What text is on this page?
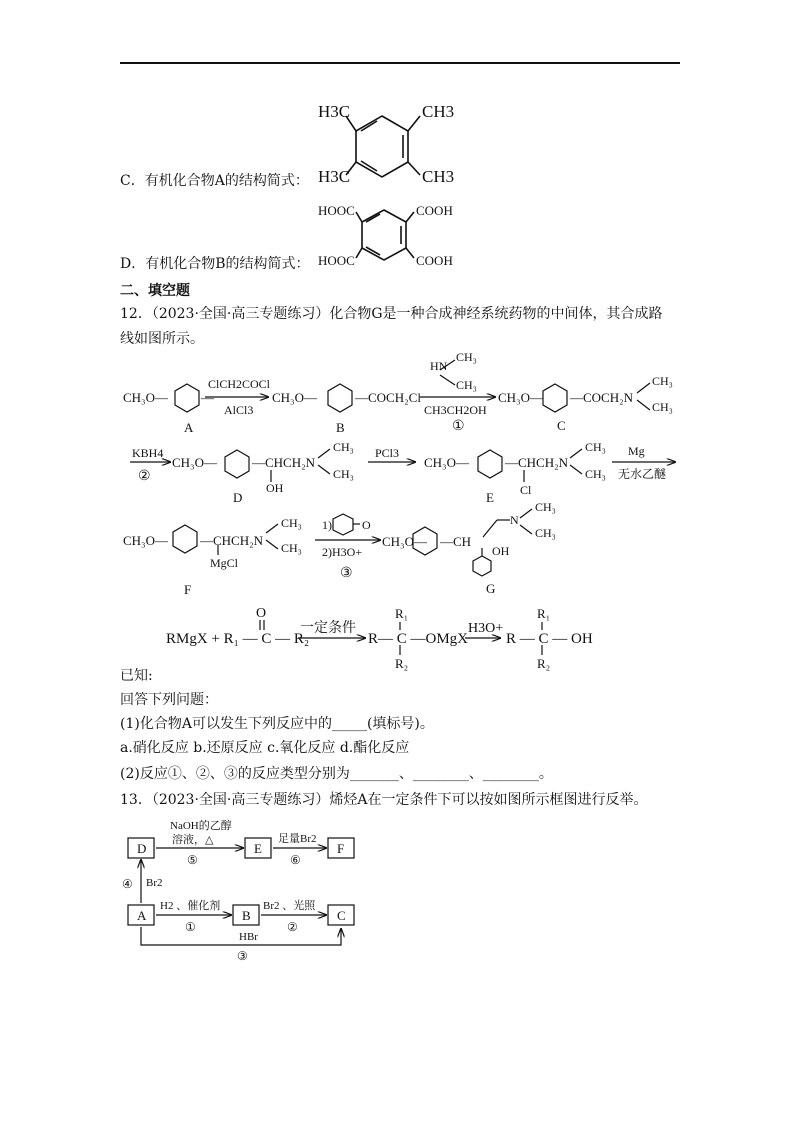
C．有机化合物A的结构简式：
H3C	CH3
H3C	CH3
D．有机化合物B的结构简式：
HOOC	COOH
HOOC	COOH
二、填空题
12．（2023·全国·高三专题练习）化合物G是一种合成神经系统药物的中间体，其合成路
线如图所示。
CH₃O—	—
A
ClCH2COCl
AlCl3
CH₃O—	—COCH₂Cl
B
HN
CH₃
CH₃
CH3CH2OH
①
CH₃O— —COCH₂N
CH₃
CH₃
C
KBH4
②
CH₃O—	—CHCH₂N
CH₃
CH₃
OH
D
PCl3
CH₃O—	—CHCH₂N
CH₃
CH₃
Cl
E
Mg
无水乙醚
CH₃O— —CHCH₂N
CH₃
CH₃
MgCl
F
1)	O
2)H3O+
③
CH₃O— —CH
OH
N
CH₃
CH₃
G
RMgX + R₁ — C — R₂
O
一定条件
R— C —OMgX
R₁
R₂
H3O+
R — C — OH
R₁
R₂
已知:
回答下列问题：
(1)化合物A可以发生下列反应中的_____(填标号)。
a.硝化反应 b.还原反应 c.氧化反应 d.酯化反应
(2)反应①、②、③的反应类型分别为_______、________、________。
13．（2023·全国·高三专题练习）烯烃A在一定条件下可以按如图所示框图进行反举。
D	E	F
A	B	C
NaOH的乙醇
溶液，△
⑤
足量Br2
⑥
④ Br2
H2 、催化剂
①
Br2 、光照
②
HBr
③
